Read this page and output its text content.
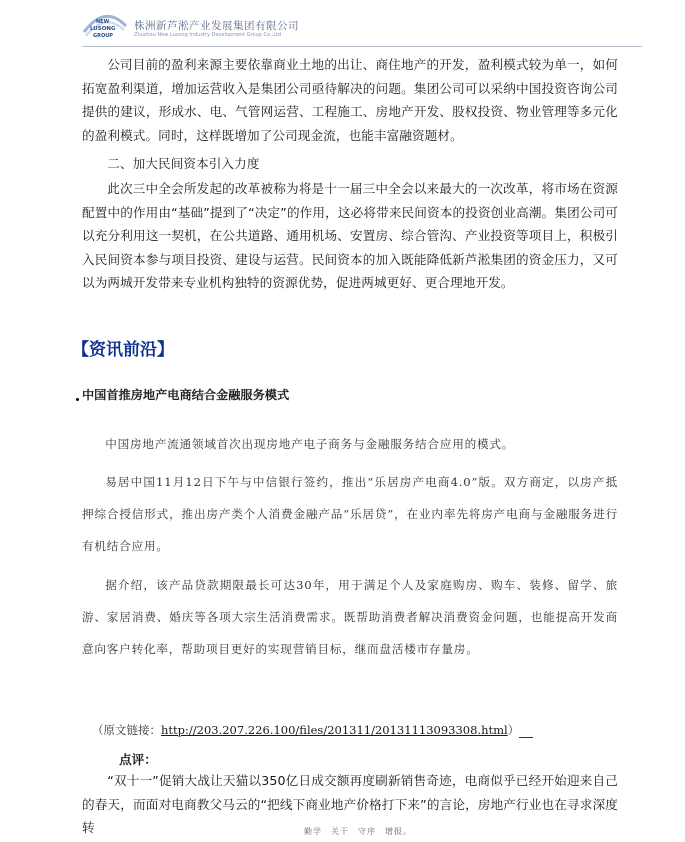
NEW
LUSONG
GROUP
株洲新芦淞产业发展集团有限公司
Zhuzhou New Lusong Industry Development Group Co.,Ltd

公司目前的盈利来源主要依靠商业土地的出让、商住地产的开发，盈利模式较为单一，如何拓宽盈利渠道，增加运营收入是集团公司亟待解决的问题。集团公司可以采纳中国投资咨询公司提供的建议，形成水、电、气管网运营、工程施工、房地产开发、股权投资、物业管理等多元化的盈利模式。同时，这样既增加了公司现金流，也能丰富融资题材。

二、加大民间资本引入力度

此次三中全会所发起的改革被称为将是十一届三中全会以来最大的一次改革，将市场在资源配置中的作用由“基础”提到了“决定”的作用，这必将带来民间资本的投资创业高潮。集团公司可以充分利用这一契机，在公共道路、通用机场、安置房、综合管沟、产业投资等项目上，积极引入民间资本参与项目投资、建设与运营。民间资本的加入既能降低新芦淞集团的资金压力，又可以为两城开发带来专业机构独特的资源优势，促进两城更好、更合理地开发。

【资讯前沿】
中国首推房地产电商结合金融服务模式

中国房地产流通领域首次出现房地产电子商务与金融服务结合应用的模式。

易居中国11月12日下午与中信银行签约，推出“乐居房产电商4.0”版。双方商定，以房产抵押综合授信形式，推出房产类个人消费金融产品“乐居贷”，在业内率先将房产电商与金融服务进行有机结合应用。

据介绍，该产品贷款期限最长可达30年，用于满足个人及家庭购房、购车、装修、留学、旅游、家居消费、婚庆等各项大宗生活消费需求。既帮助消费者解决消费资金问题，也能提高开发商意向客户转化率，帮助项目更好的实现营销目标，继而盘活楼市存量房。

（原文链接：http://203.207.226.100/files/201311/20131113093308.html）
点评：

“双十一”促销大战让天猫以350亿日成交额再度刷新销售奇迹，电商似乎已经开始迎来自己的春天，而面对电商教父马云的“把线下商业地产价格打下来”的言论，房地产行业也在寻求深度转	勤学　关干　守序　增报。
